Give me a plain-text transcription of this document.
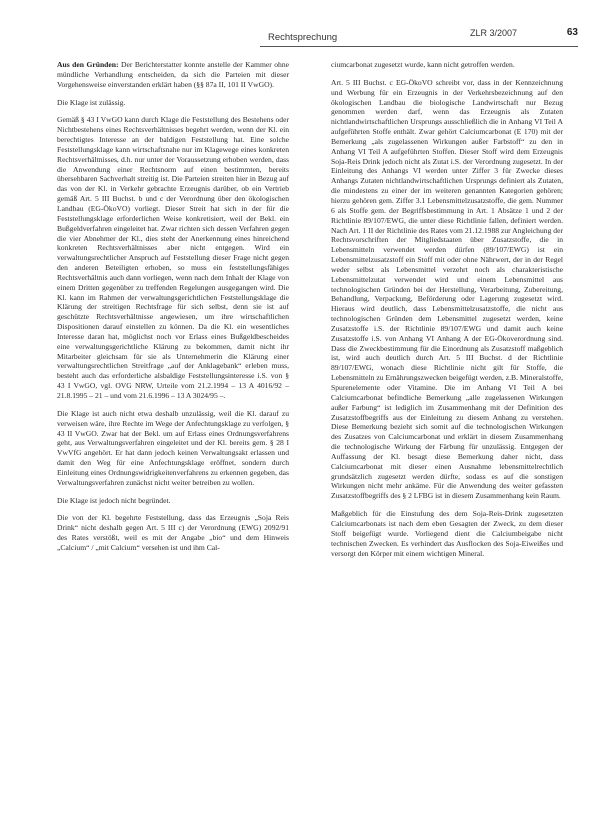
Rechtsprechung	ZLR 3/2007	63

Aus den Gründen: Der Berichterstatter konnte anstelle der Kammer ohne mündliche Verhandlung entscheiden, da sich die Parteien mit dieser Vorgehensweise einverstanden erklärt haben (§§ 87a II, 101 II VwGO).

Die Klage ist zulässig.

Gemäß § 43 I VwGO kann durch Klage die Feststellung des Bestehens oder Nichtbestehens eines Rechtsverhältnisses begehrt werden, wenn der Kl. ein berechtigtes Interesse an der baldigen Feststellung hat. Eine solche Feststellungsklage kann wirtschaftsnahe nur im Klagewege eines konkreten Rechtsverhältnisses, d.h. nur unter der Voraussetzung erhoben werden, dass die Anwendung einer Rechtsnorm auf einen bestimmten, bereits übersehbaren Sachverhalt streitig ist. Die Parteien streiten hier in Bezug auf das von der Kl. in Verkehr gebrachte Erzeugnis darüber, ob ein Vertrieb gemäß Art. 5 III Buchst. b und c der Verordnung über den ökologischen Landbau (EG-ÖkoVO) vorliegt. Dieser Streit hat sich in der für die Feststellungsklage erforderlichen Weise konkretisiert, weil der Bekl. ein Bußgeldverfahren eingeleitet hat. Zwar richten sich dessen Verfahren gegen die vier Abnehmer der Kl., dies steht der Anerkennung eines hinreichend konkreten Rechtsverhältnisses aber nicht entgegen. Wird ein verwaltungsrechtlicher Anspruch auf Feststellung dieser Frage nicht gegen den anderen Beteiligten erhoben, so muss ein feststellungsfähiges Rechtsverhältnis auch dann vorliegen, wenn nach dem Inhalt der Klage von einem Dritten gegenüber zu treffenden Regelungen ausgegangen wird. Die Kl. kann im Rahmen der verwaltungsgerichtlichen Feststellungsklage die Klärung der streitigen Rechtsfrage für sich selbst, denn sie ist auf geschützte Rechtsverhältnisse angewiesen, um ihre wirtschaftlichen Dispositionen darauf einstellen zu können. Da die Kl. ein wesentliches Interesse daran hat, möglichst noch vor Erlass eines Bußgeldbescheides eine verwaltungsgerichtliche Klärung zu bekommen, damit nicht ihr Mitarbeiter gleichsam für sie als Unternehmerin die Klärung einer verwaltungsrechtlichen Streitfrage „auf der Anklagebank“ erleben muss, besteht auch das erforderliche alsbaldige Feststellungsinteresse i.S. von § 43 I VwGO, vgl. OVG NRW, Urteile vom 21.2.1994 – 13 A 4016/92 – 21.8.1995 – 21 – und vom 21.6.1996 – 13 A 3024/95 –.

Die Klage ist auch nicht etwa deshalb unzulässig, weil die Kl. darauf zu verweisen wäre, ihre Rechte im Wege der Anfechtungsklage zu verfolgen, § 43 II VwGO. Zwar hat der Bekl. um auf Erlass eines Ordnungsverfahrens geht, aus Verwaltungsverfahren eingeleitet und der Kl. bereits gem. § 28 I VwVfG angehört. Er hat dann jedoch keinen Verwaltungsakt erlassen und damit den Weg für eine Anfechtungsklage eröffnet, sondern durch Einleitung eines Ordnungswidrigkeitenverfahrens zu erkennen gegeben, das Verwaltungsverfahren zunächst nicht weiter betreiben zu wollen.

Die Klage ist jedoch nicht begründet.

Die von der Kl. begehrte Feststellung, dass das Erzeugnis „Soja Reis Drink“ nicht deshalb gegen Art. 5 III c) der Verordnung (EWG) 2092/91 des Rates verstößt, weil es mit der Angabe „bio“ und dem Hinweis „Calcium“ / „mit Calcium“ versehen ist und ihm Cal-

ciumcarbonat zugesetzt wurde, kann nicht getroffen werden.

Art. 5 III Buchst. c EG-ÖkoVO schreibt vor, dass in der Kennzeichnung und Werbung für ein Erzeugnis in der Verkehrsbezeichnung auf den ökologischen Landbau die biologische Landwirtschaft nur Bezug genommen werden darf, wenn das Erzeugnis als Zutaten nichtlandwirtschaftlichen Ursprungs ausschließlich die in Anhang VI Teil A aufgeführten Stoffe enthält. Zwar gehört Calciumcarbonat (E 170) mit der Bemerkung „als zugelassenen Wirkungen außer Farbstoff“ zu den in Anhang VI Teil A aufgeführten Stoffen. Dieser Stoff wird dem Erzeugnis Soja-Reis Drink jedoch nicht als Zutat i.S. der Verordnung zugesetzt. In der Einleitung des Anhangs VI werden unter Ziffer 3 für Zwecke dieses Anhangs Zutaten nichtlandwirtschaftlichen Ursprungs definiert als Zutaten, die mindestens zu einer der im weiteren genannten Kategorien gehören; hierzu gehören gem. Ziffer 3.1 Lebensmittelzusatzstoffe, die gem. Nummer 6 als Stoffe gem. der Begriffsbestimmung in Art. 1 Absätze 1 und 2 der Richtlinie 89/107/EWG, die unter diese Richtlinie fallen, definiert werden. Nach Art. 1 II der Richtlinie des Rates vom 21.12.1988 zur Angleichung der Rechtsvorschriften der Mitgliedstaaten über Zusatzstoffe, die in Lebensmitteln verwendet werden dürfen (89/107/EWG) ist ein Lebensmittelzusatzstoff ein Stoff mit oder ohne Nährwert, der in der Regel weder selbst als Lebensmittel verzehrt noch als charakteristische Lebensmittelzutat verwendet wird und einem Lebensmittel aus technologischen Gründen bei der Herstellung, Verarbeitung, Zubereitung, Behandlung, Verpackung, Beförderung oder Lagerung zugesetzt wird. Hieraus wird deutlich, dass Lebensmittelzusatzstoffe, die nicht aus technologischen Gründen dem Lebensmittel zugesetzt werden, keine Zusatzstoffe i.S. der Richtlinie 89/107/EWG und damit auch keine Zusatzstoffe i.S. von Anhang VI Anhang A der EG-Ökoverordnung sind. Dass die Zweckbestimmung für die Einordnung als Zusatzstoff maßgeblich ist, wird auch deutlich durch Art. 5 III Buchst. d der Richtlinie 89/107/EWG, wonach diese Richtlinie nicht gilt für Stoffe, die Lebensmitteln zu Ernährungszwecken beigefügt werden, z.B. Mineralstoffe, Spurenelemente oder Vitamine. Die im Anhang VI Teil A bei Calciumcarbonat befindliche Bemerkung „alle zugelassenen Wirkungen außer Farbung“ ist lediglich im Zusammenhang mit der Definition des Zusatzstoffbegriffs aus der Einleitung zu diesem Anhang zu verstehen. Diese Bemerkung bezieht sich somit auf die technologischen Wirkungen des Zusatzes von Calciumcarbonat und erklärt in diesem Zusammenhang die technologische Wirkung der Färbung für unzulässig. Entgegen der Auffassung der Kl. besagt diese Bemerkung daher nicht, dass Calciumcarbonat mit dieser einen Ausnahme lebensmittelrechtlich grundsätzlich zugesetzt werden dürfte, sodass es auf die sonstigen Wirkungen nicht mehr ankäme. Für die Anwendung des weiter gefassten Zusatzstoffbegriffs des § 2 LFBG ist in diesem Zusammenhang kein Raum.

Maßgeblich für die Einstufung des dem Soja-Reis-Drink zugesetzten Calciumcarbonats ist nach dem eben Gesagten der Zweck, zu dem dieser Stoff beigefügt wurde. Vorliegend dient die Calciumbeigabe nicht technischen Zwecken. Es verhindert das Ausflocken des Soja-Eiweißes und versorgt den Körper mit einem wichtigen Mineral.
